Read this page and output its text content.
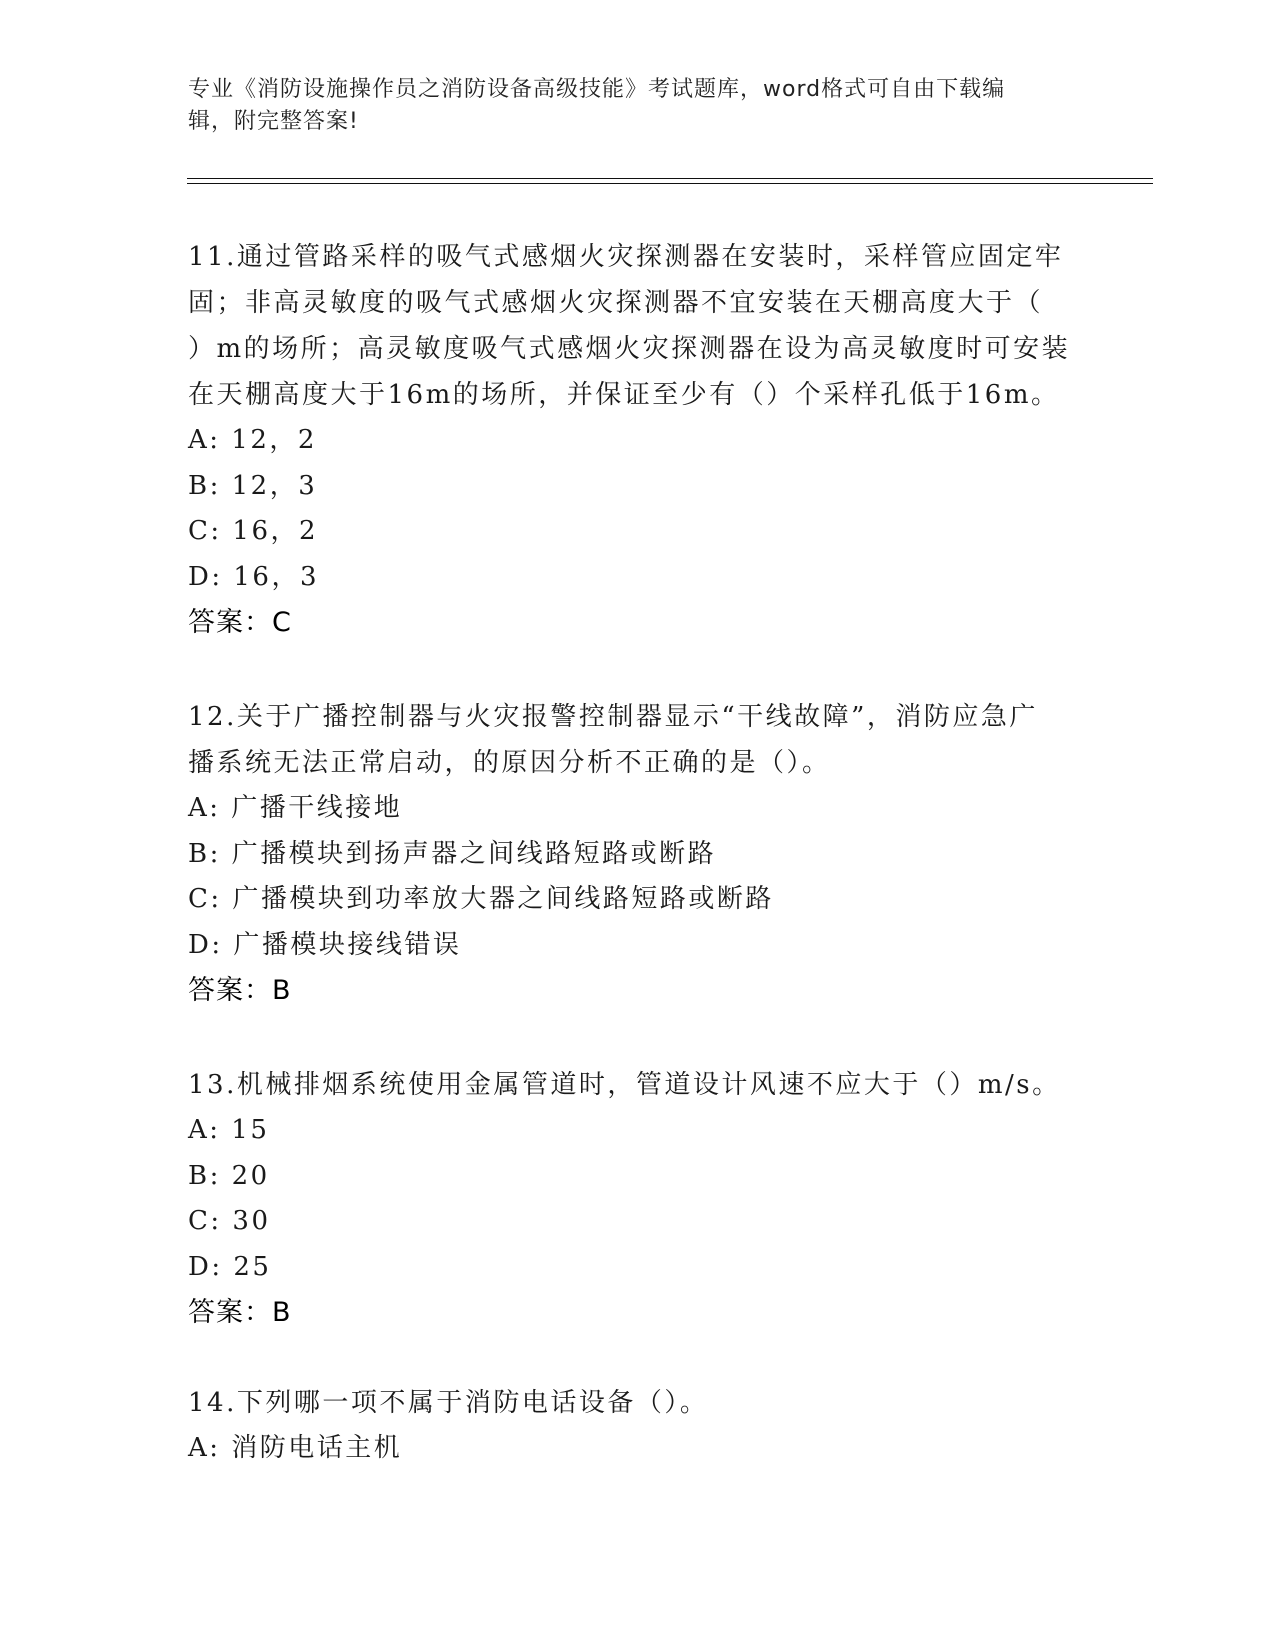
专业《消防设施操作员之消防设备高级技能》考试题库，word格式可自由下载编
辑，附完整答案!

11.通过管路采样的吸气式感烟火灾探测器在安装时，采样管应固定牢

固；非高灵敏度的吸气式感烟火灾探测器不宜安装在天棚高度大于（

）m的场所；高灵敏度吸气式感烟火灾探测器在设为高灵敏度时可安装

在天棚高度大于16m的场所，并保证至少有（）个采样孔低于16m。

A: 12，2

B: 12，3

C: 16，2

D: 16，3

答案：C

12.关于广播控制器与火灾报警控制器显示“干线故障”，消防应急广

播系统无法正常启动，的原因分析不正确的是（）。

A: 广播干线接地

B: 广播模块到扬声器之间线路短路或断路

C: 广播模块到功率放大器之间线路短路或断路

D: 广播模块接线错误

答案：B

13.机械排烟系统使用金属管道时，管道设计风速不应大于（）m/s。

A: 15

B: 20

C: 30

D: 25

答案：B

14.下列哪一项不属于消防电话设备（）。

A: 消防电话主机
